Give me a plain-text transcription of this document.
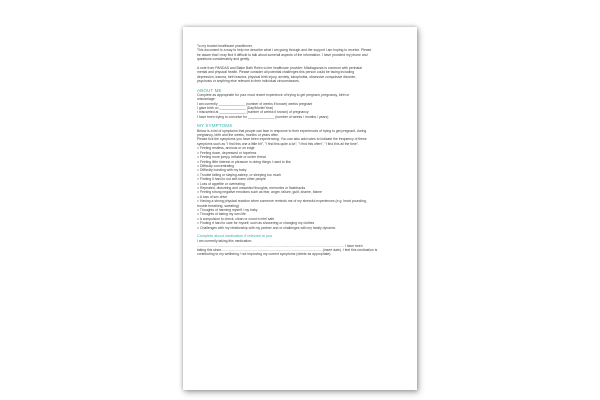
To my trusted healthcare practitioner,
This document is a way to help me describe what I am going through and the support I am hoping to receive. Please
be aware that I may find it difficult to talk about some/all aspects of the information. I have provided my phone and
questions considerately and gently.
A note from PANDAS and Blake Bath Rolen to the healthcare provider: Misdiagnosis is common with perinatal
mental and physical health. Please consider all potential challenges this person could be facing including
depression, trauma, birth trauma, physical birth injury, anxiety, tokophobia, obsessive compulsive disorder,
psychosis or anything else relevant to their individual circumstances.
ABOUT ME
Complete as appropriate for your most recent experience of trying to get pregnant, pregnancy, birth or
miscarriage:
I am currently ______________ (number of weeks if known) weeks pregnant
I gave birth on ______________ (Day/Month/Year)
I miscarried at ______________ (number of weeks if known) of pregnancy
I have been trying to conceive for ______________ (number of weeks / months / years)
MY SYMPTOMS
Below is a list of symptoms that people can face in response to their experiences of trying to get pregnant, during
pregnancy, birth and the weeks, months or years after.
Please tick the symptoms you have been experiencing. You can also add notes to indicate the frequency of these
symptoms such as "I find this one a little bit", "I find this quite a lot", "I find this often", "I find this all the time".
□ Feeling restless, anxious or on edge
□ Feeling down, depressed or hopeless
□ Feeling more jumpy, irritable or under threat
□ Feeling little interest or pleasure in doing things I used to like
□ Difficulty concentrating
□ Difficulty bonding with my baby
□ Trouble falling or staying asleep, or sleeping too much
□ Finding it hard to not self-harm other people
□ Loss of appetite or overeating
□ Repeated, disturbing and unwanted thoughts, memories or flashbacks
□ Feeling strong negative emotions such as fear, anger, failure, guilt, shame, blame
□ A loss of sex drive
□ Having a strong physical reaction when someone reminds me of my stressful experiences (e.g. heart pounding,
trouble breathing, sweating)
□ Thoughts of harming myself / my baby
□ Thoughts of taking my own life
□ A compulsion to check, clean or count to feel safe
□ Finding it hard to care for myself, such as showering or changing my clothes
□ Challenges with my relationship with my partner and or challenges with my family dynamic
Complete about medication if relevant to you
I am currently taking this medication:
............................................................................................................................................................ I have been
taking this since............................................................................................................(insert date). I feel this medication is
contributing to my wellbeing / not improving my current symptoms (delete as appropriate).
